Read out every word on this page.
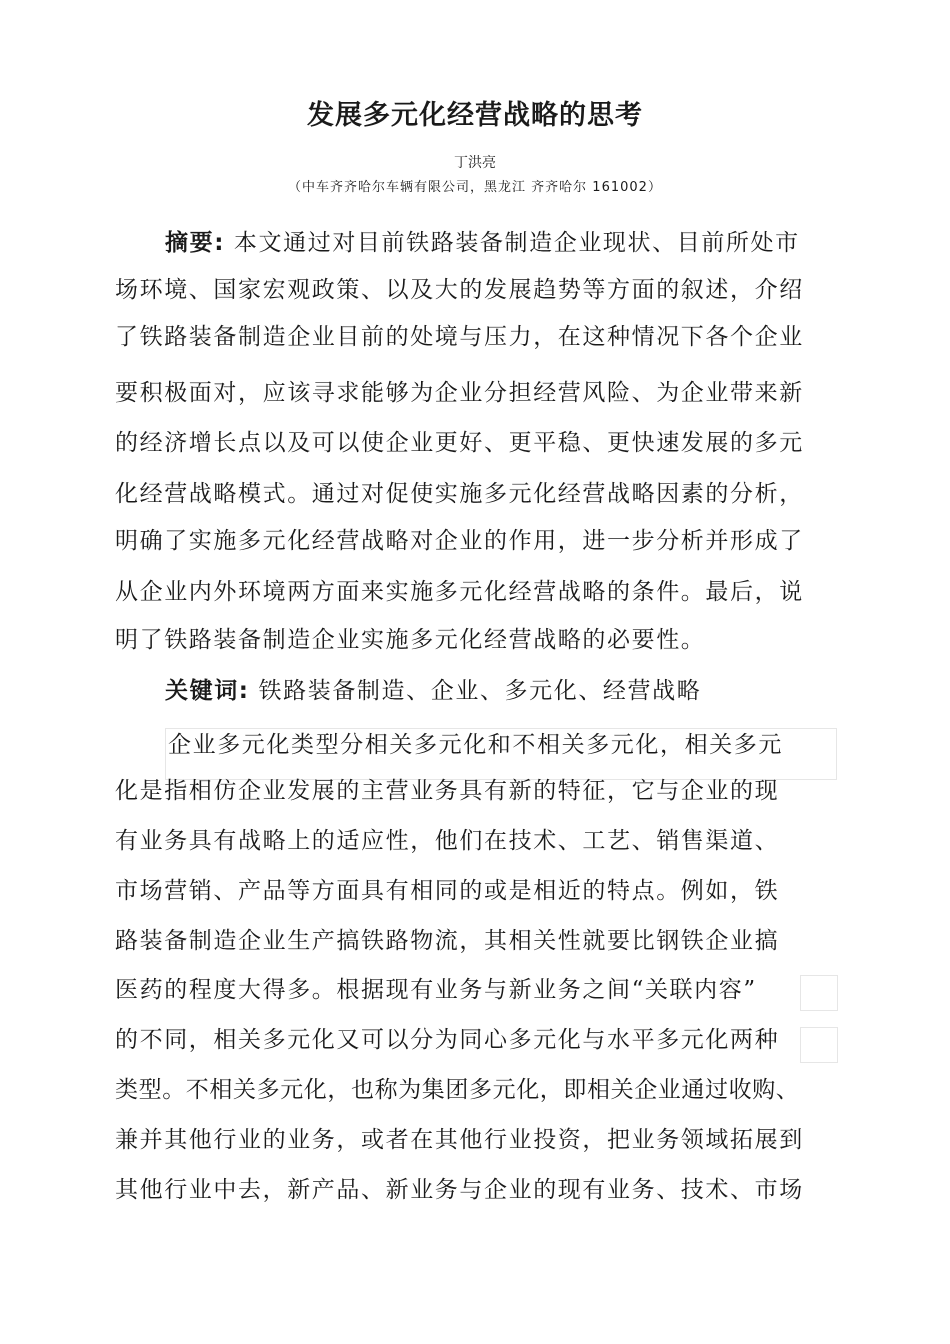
发展多元化经营战略的思考
丁洪亮
（中车齐齐哈尔车辆有限公司，黑龙江 齐齐哈尔 161002）
摘要: 本文通过对目前铁路装备制造企业现状、目前所处市
场环境、国家宏观政策、以及大的发展趋势等方面的叙述，介绍
了铁路装备制造企业目前的处境与压力，在这种情况下各个企业
要积极面对，应该寻求能够为企业分担经营风险、为企业带来新
的经济增长点以及可以使企业更好、更平稳、更快速发展的多元
化经营战略模式。通过对促使实施多元化经营战略因素的分析，
明确了实施多元化经营战略对企业的作用，进一步分析并形成了
从企业内外环境两方面来实施多元化经营战略的条件。最后，说
明了铁路装备制造企业实施多元化经营战略的必要性。
关键词: 铁路装备制造、企业、多元化、经营战略
企业多元化类型分相关多元化和不相关多元化，相关多元
化是指相仿企业发展的主营业务具有新的特征，它与企业的现
有业务具有战略上的适应性，他们在技术、工艺、销售渠道、
市场营销、产品等方面具有相同的或是相近的特点。例如，铁
路装备制造企业生产搞铁路物流，其相关性就要比钢铁企业搞
医药的程度大得多。根据现有业务与新业务之间“关联内容”
的不同，相关多元化又可以分为同心多元化与水平多元化两种
类型。不相关多元化，也称为集团多元化，即相关企业通过收购、
兼并其他行业的业务，或者在其他行业投资，把业务领域拓展到
其他行业中去，新产品、新业务与企业的现有业务、技术、市场
